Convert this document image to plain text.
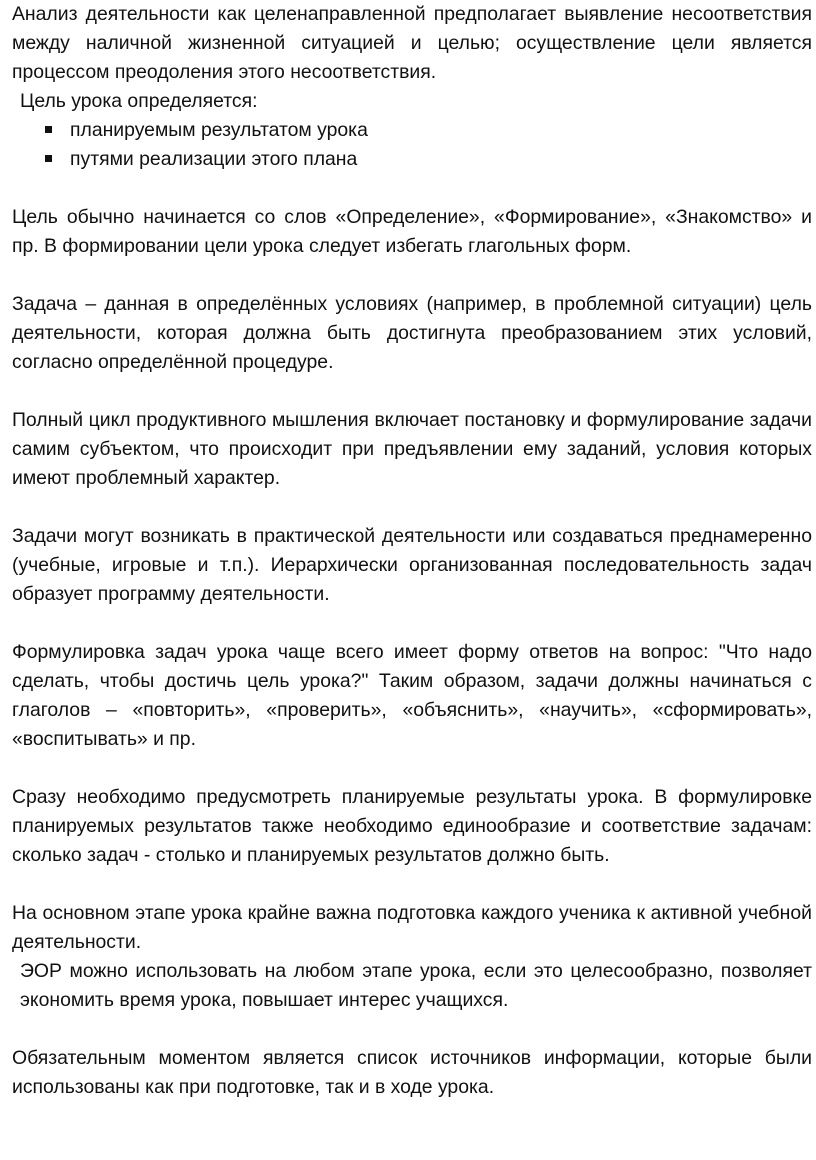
Анализ деятельности как целенаправленной предполагает выявление несоответствия между наличной жизненной ситуацией и целью; осуществление цели является процессом преодоления этого несоответствия.

Цель урока определяется:

планируемым результатом урока
путями реализации этого плана

Цель обычно начинается со слов «Определение», «Формирование», «Знакомство» и пр. В формировании цели урока следует избегать глагольных форм.

Задача – данная в определённых условиях (например, в проблемной ситуации) цель деятельности, которая должна быть достигнута преобразованием этих условий, согласно определённой процедуре.

Полный цикл продуктивного мышления включает постановку и формулирование задачи самим субъектом, что происходит при предъявлении ему заданий, условия которых имеют проблемный характер.

Задачи могут возникать в практической деятельности или создаваться преднамеренно (учебные, игровые и т.п.). Иерархически организованная последовательность задач образует программу деятельности.

Формулировка задач урока чаще всего имеет форму ответов на вопрос: "Что надо сделать, чтобы достичь цель урока?" Таким образом, задачи должны начинаться с глаголов – «повторить», «проверить», «объяснить», «научить», «сформировать», «воспитывать» и пр.

Сразу необходимо предусмотреть планируемые результаты урока. В формулировке планируемых результатов также необходимо единообразие и соответствие задачам: сколько задач - столько и планируемых результатов должно быть.

На основном этапе урока крайне важна подготовка каждого ученика к активной учебной деятельности.

ЭОР можно использовать на любом этапе урока, если это целесообразно, позволяет экономить время урока, повышает интерес учащихся.

Обязательным моментом является список источников информации, которые были использованы как при подготовке, так и в ходе урока.
